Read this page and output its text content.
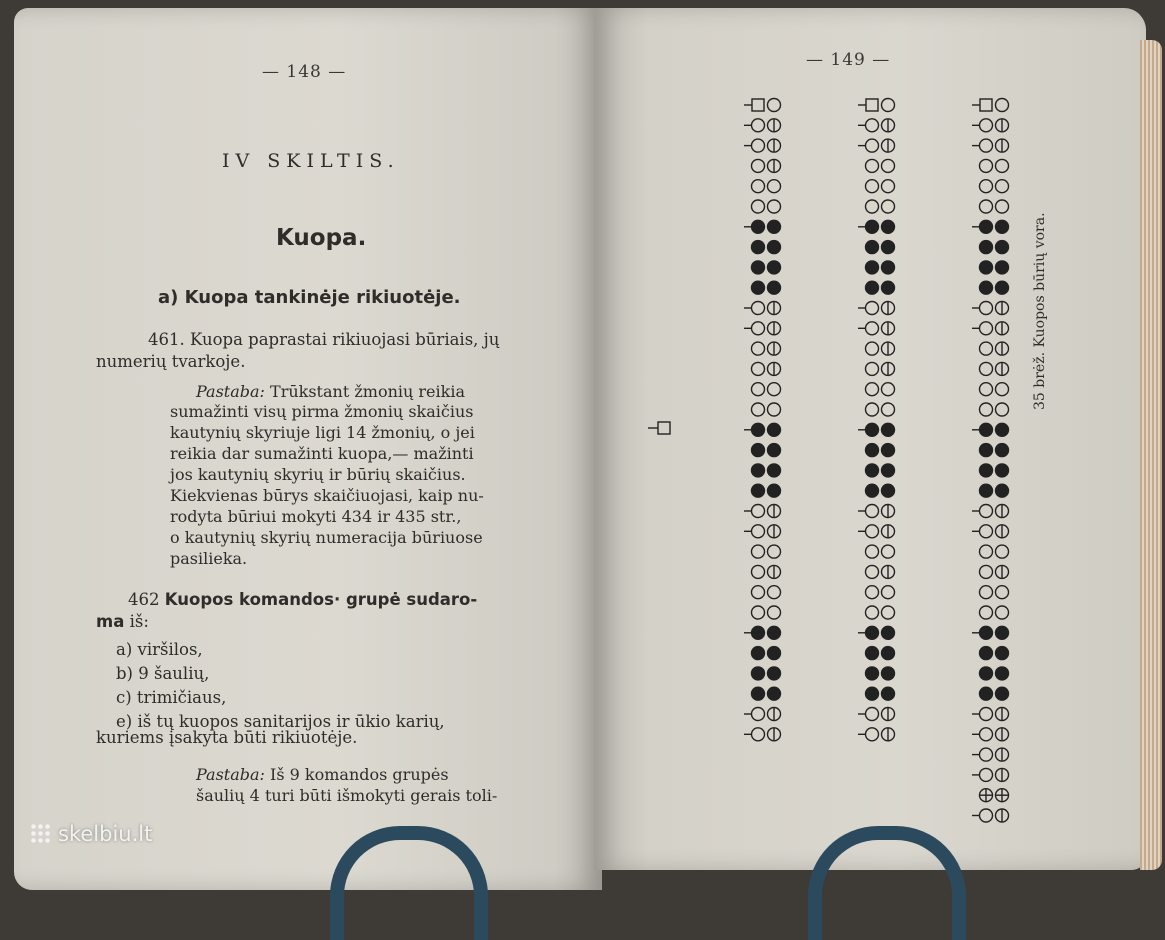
— 148 —
IV SKILTIS.
Kuopa.
a) Kuopa tankinėje rikiuotėje.
461. Kuopa paprastai rikiuojasi būriais, jų
numerių tvarkoje.
Pastaba: Trūkstant žmonių reikia
sumažinti visų pirma žmonių skaičius
kautynių skyriuje ligi 14 žmonių, o jei
reikia dar sumažinti kuopa,— mažinti
jos kautynių skyrių ir būrių skaičius.
Kiekvienas būrys skaičiuojasi, kaip nu-
rodyta būriui mokyti 434 ir 435 str.,
o kautynių skyrių numeracija būriuose
pasilieka.
462 Kuopos komandos· grupė sudaro-
ma iš:
a) viršilos,
b) 9 šaulių,
c) trimičiaus,
e) iš tų kuopos sanitarijos ir ūkio karių,
kuriems įsakyta būti rikiuotėje.
Pastaba: Iš 9 komandos grupės
šaulių 4 turi būti išmokyti gerais toli-
— 149 —
35 brėž. Kuopos būrių vora.
skelbiu.lt
